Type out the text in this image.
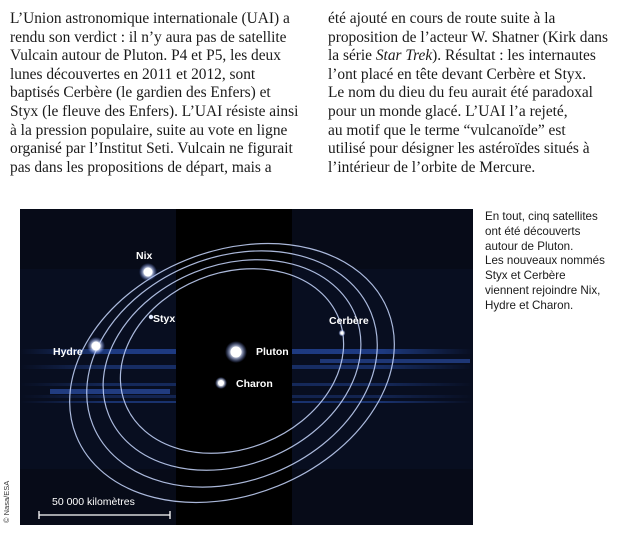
L’Union astronomique internationale (UAI) a
rendu son verdict : il n’y aura pas de satellite
Vulcain autour de Pluton. P4 et P5, les deux
lunes découvertes en 2011 et 2012, sont
baptisés Cerbère (le gardien des Enfers) et
Styx (le fleuve des Enfers). L’UAI résiste ainsi
à la pression populaire, suite au vote en ligne
organisé par l’Institut Seti. Vulcain ne figurait
pas dans les propositions de départ, mais a
été ajouté en cours de route suite à la
proposition de l’acteur W. Shatner (Kirk dans
la série Star Trek). Résultat : les internautes
l’ont placé en tête devant Cerbère et Styx.
Le nom du dieu du feu aurait été paradoxal
pour un monde glacé. L’UAI l’a rejeté,
au motif que le terme “vulcanoïde” est
utilisé pour désigner les astéroïdes situés à
l’intérieur de l’orbite de Mercure.
© Nasa/ESA
Nix
Styx
Hydre	Pluton
Charon
Cerbère
50 000 kilomètres
En tout, cinq satellites
ont été découverts
autour de Pluton.
Les nouveaux nommés
Styx et Cerbère
viennent rejoindre Nix,
Hydre et Charon.
